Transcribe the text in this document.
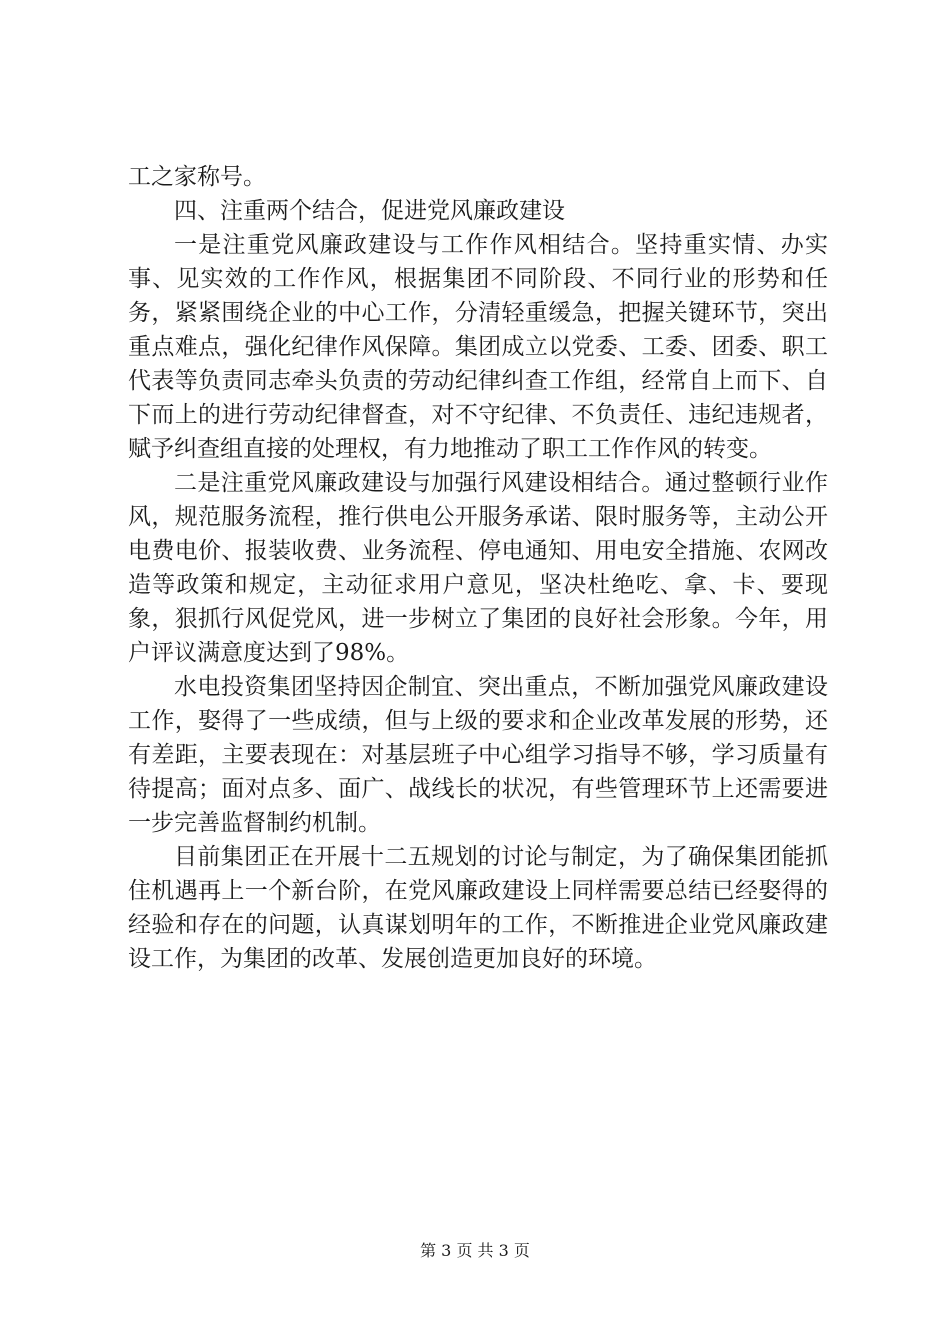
工之家称号。

四、注重两个结合，促进党风廉政建设

一是注重党风廉政建设与工作作风相结合。坚持重实情、办实事、见实效的工作作风，根据集团不同阶段、不同行业的形势和任务，紧紧围绕企业的中心工作，分清轻重缓急，把握关键环节，突出重点难点，强化纪律作风保障。集团成立以党委、工委、团委、职工代表等负责同志牵头负责的劳动纪律纠查工作组，经常自上而下、自下而上的进行劳动纪律督查，对不守纪律、不负责任、违纪违规者，赋予纠查组直接的处理权，有力地推动了职工工作作风的转变。

二是注重党风廉政建设与加强行风建设相结合。通过整顿行业作风，规范服务流程，推行供电公开服务承诺、限时服务等，主动公开电费电价、报装收费、业务流程、停电通知、用电安全措施、农网改造等政策和规定，主动征求用户意见，坚决杜绝吃、拿、卡、要现象，狠抓行风促党风，进一步树立了集团的良好社会形象。今年，用户评议满意度达到了98%。

水电投资集团坚持因企制宜、突出重点，不断加强党风廉政建设工作，娶得了一些成绩，但与上级的要求和企业改革发展的形势，还有差距，主要表现在：对基层班子中心组学习指导不够，学习质量有待提高；面对点多、面广、战线长的状况，有些管理环节上还需要进一步完善监督制约机制。

目前集团正在开展十二五规划的讨论与制定，为了确保集团能抓住机遇再上一个新台阶，在党风廉政建设上同样需要总结已经娶得的经验和存在的问题，认真谋划明年的工作，不断推进企业党风廉政建设工作，为集团的改革、发展创造更加良好的环境。

第 3 页 共 3 页
